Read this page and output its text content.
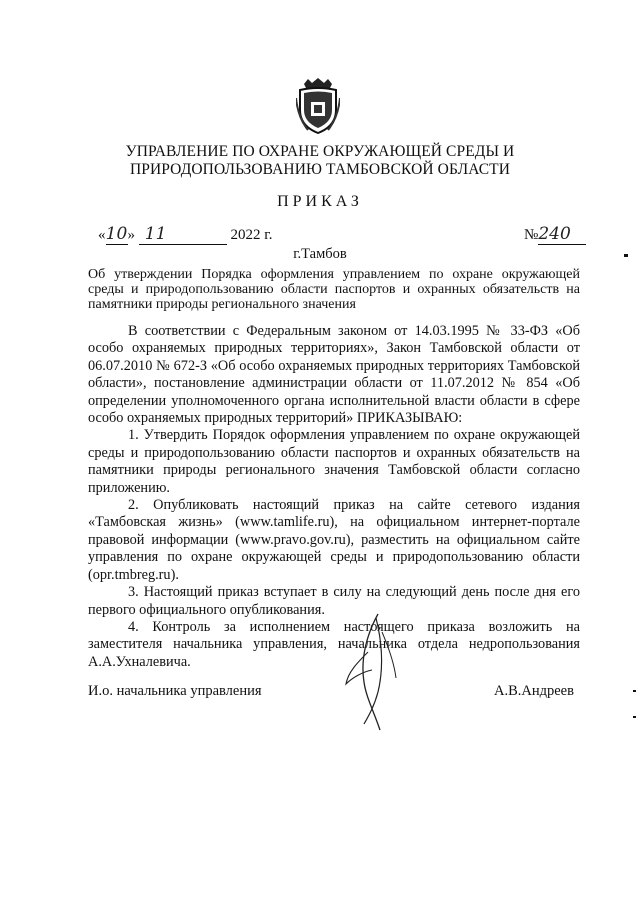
УПРАВЛЕНИЕ ПО ОХРАНЕ ОКРУЖАЮЩЕЙ СРЕДЫ И
ПРИРОДОПОЛЬЗОВАНИЮ ТАМБОВСКОЙ ОБЛАСТИ
ПРИКАЗ
«10» 11	2022 г.	№240
г.Тамбов
Об утверждении Порядка оформления управлением по охране окружающей среды и природопользованию области паспортов и охранных обязательств на памятники природы регионального значения

В соответствии с Федеральным законом от 14.03.1995 № 33-ФЗ «Об особо охраняемых природных территориях», Закон Тамбовской области от 06.07.2010 № 672-З «Об особо охраняемых природных территориях Тамбовской области», постановление администрации области от 11.07.2012 № 854 «Об определении уполномоченного органа исполнительной власти области в сфере особо охраняемых природных территорий» ПРИКАЗЫВАЮ:

1. Утвердить Порядок оформления управлением по охране окружающей среды и природопользованию области паспортов и охранных обязательств на памятники природы регионального значения Тамбовской области согласно приложению.

2. Опубликовать настоящий приказ на сайте сетевого издания «Тамбовская жизнь» (www.tamlife.ru), на официальном интернет-портале правовой информации (www.pravo.gov.ru), разместить на официальном сайте управления по охране окружающей среды и природопользованию области (opr.tmbreg.ru).

3. Настоящий приказ вступает в силу на следующий день после дня его первого официального опубликования.

4. Контроль за исполнением настоящего приказа возложить на заместителя начальника управления, начальника отдела недропользования А.А.Ухналевича.

И.о. начальника управления	А.В.Андреев
